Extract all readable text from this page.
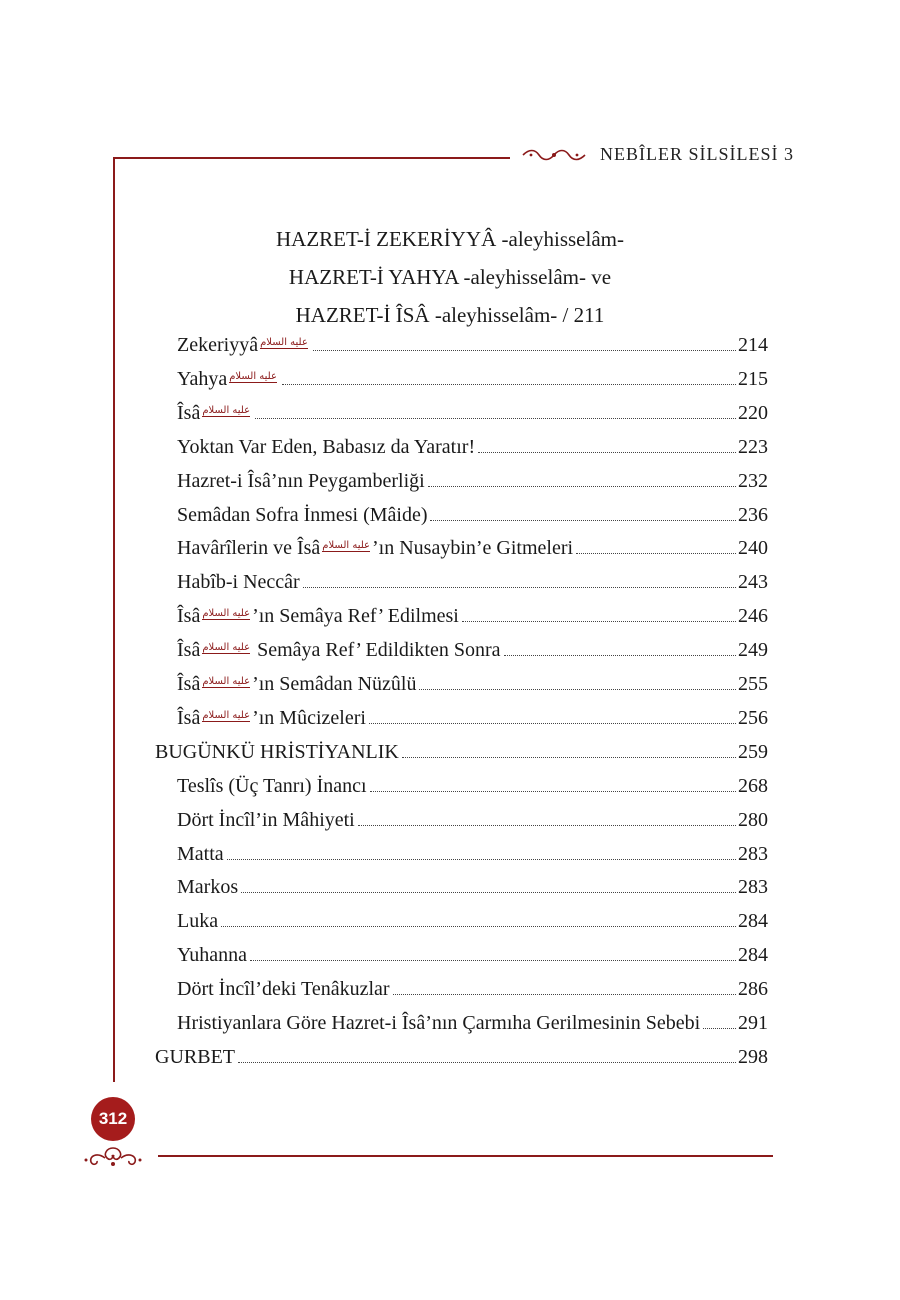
NEBÎLER SİLSİLESİ 3
HAZRET-İ ZEKERİYYÂ -aleyhisselâm-
HAZRET-İ YAHYA -aleyhisselâm- ve
HAZRET-İ ÎSÂ -aleyhisselâm- / 211
Zekeriyyâ عليه السلام	214
Yahya عليه السلام	215
Îsâ عليه السلام	220
Yoktan Var Eden, Babasız da Yaratır!	223
Hazret-i Îsâ’nın Peygamberliği	232
Semâdan Sofra İnmesi (Mâide)	236
Havârîlerin ve Îsâ عليه السلام ’ın Nusaybin’e Gitmeleri	240
Habîb-i Neccâr	243
Îsâ عليه السلام ’ın Semâya Ref’ Edilmesi	246
Îsâ عليه السلام Semâya Ref’ Edildikten Sonra	249
Îsâ عليه السلام ’ın Semâdan Nüzûlü	255
Îsâ عليه السلام ’ın Mûcizeleri	256
BUGÜNKÜ HRİSTİYANLIK	259
Teslîs (Üç Tanrı) İnancı	268
Dört İncîl’in Mâhiyeti	280
Matta	283
Markos	283
Luka	284
Yuhanna	284
Dört İncîl’deki Tenâkuzlar	286
Hristiyanlara Göre Hazret-i Îsâ’nın Çarmıha Gerilmesinin Sebebi 291
GURBET	298
312
